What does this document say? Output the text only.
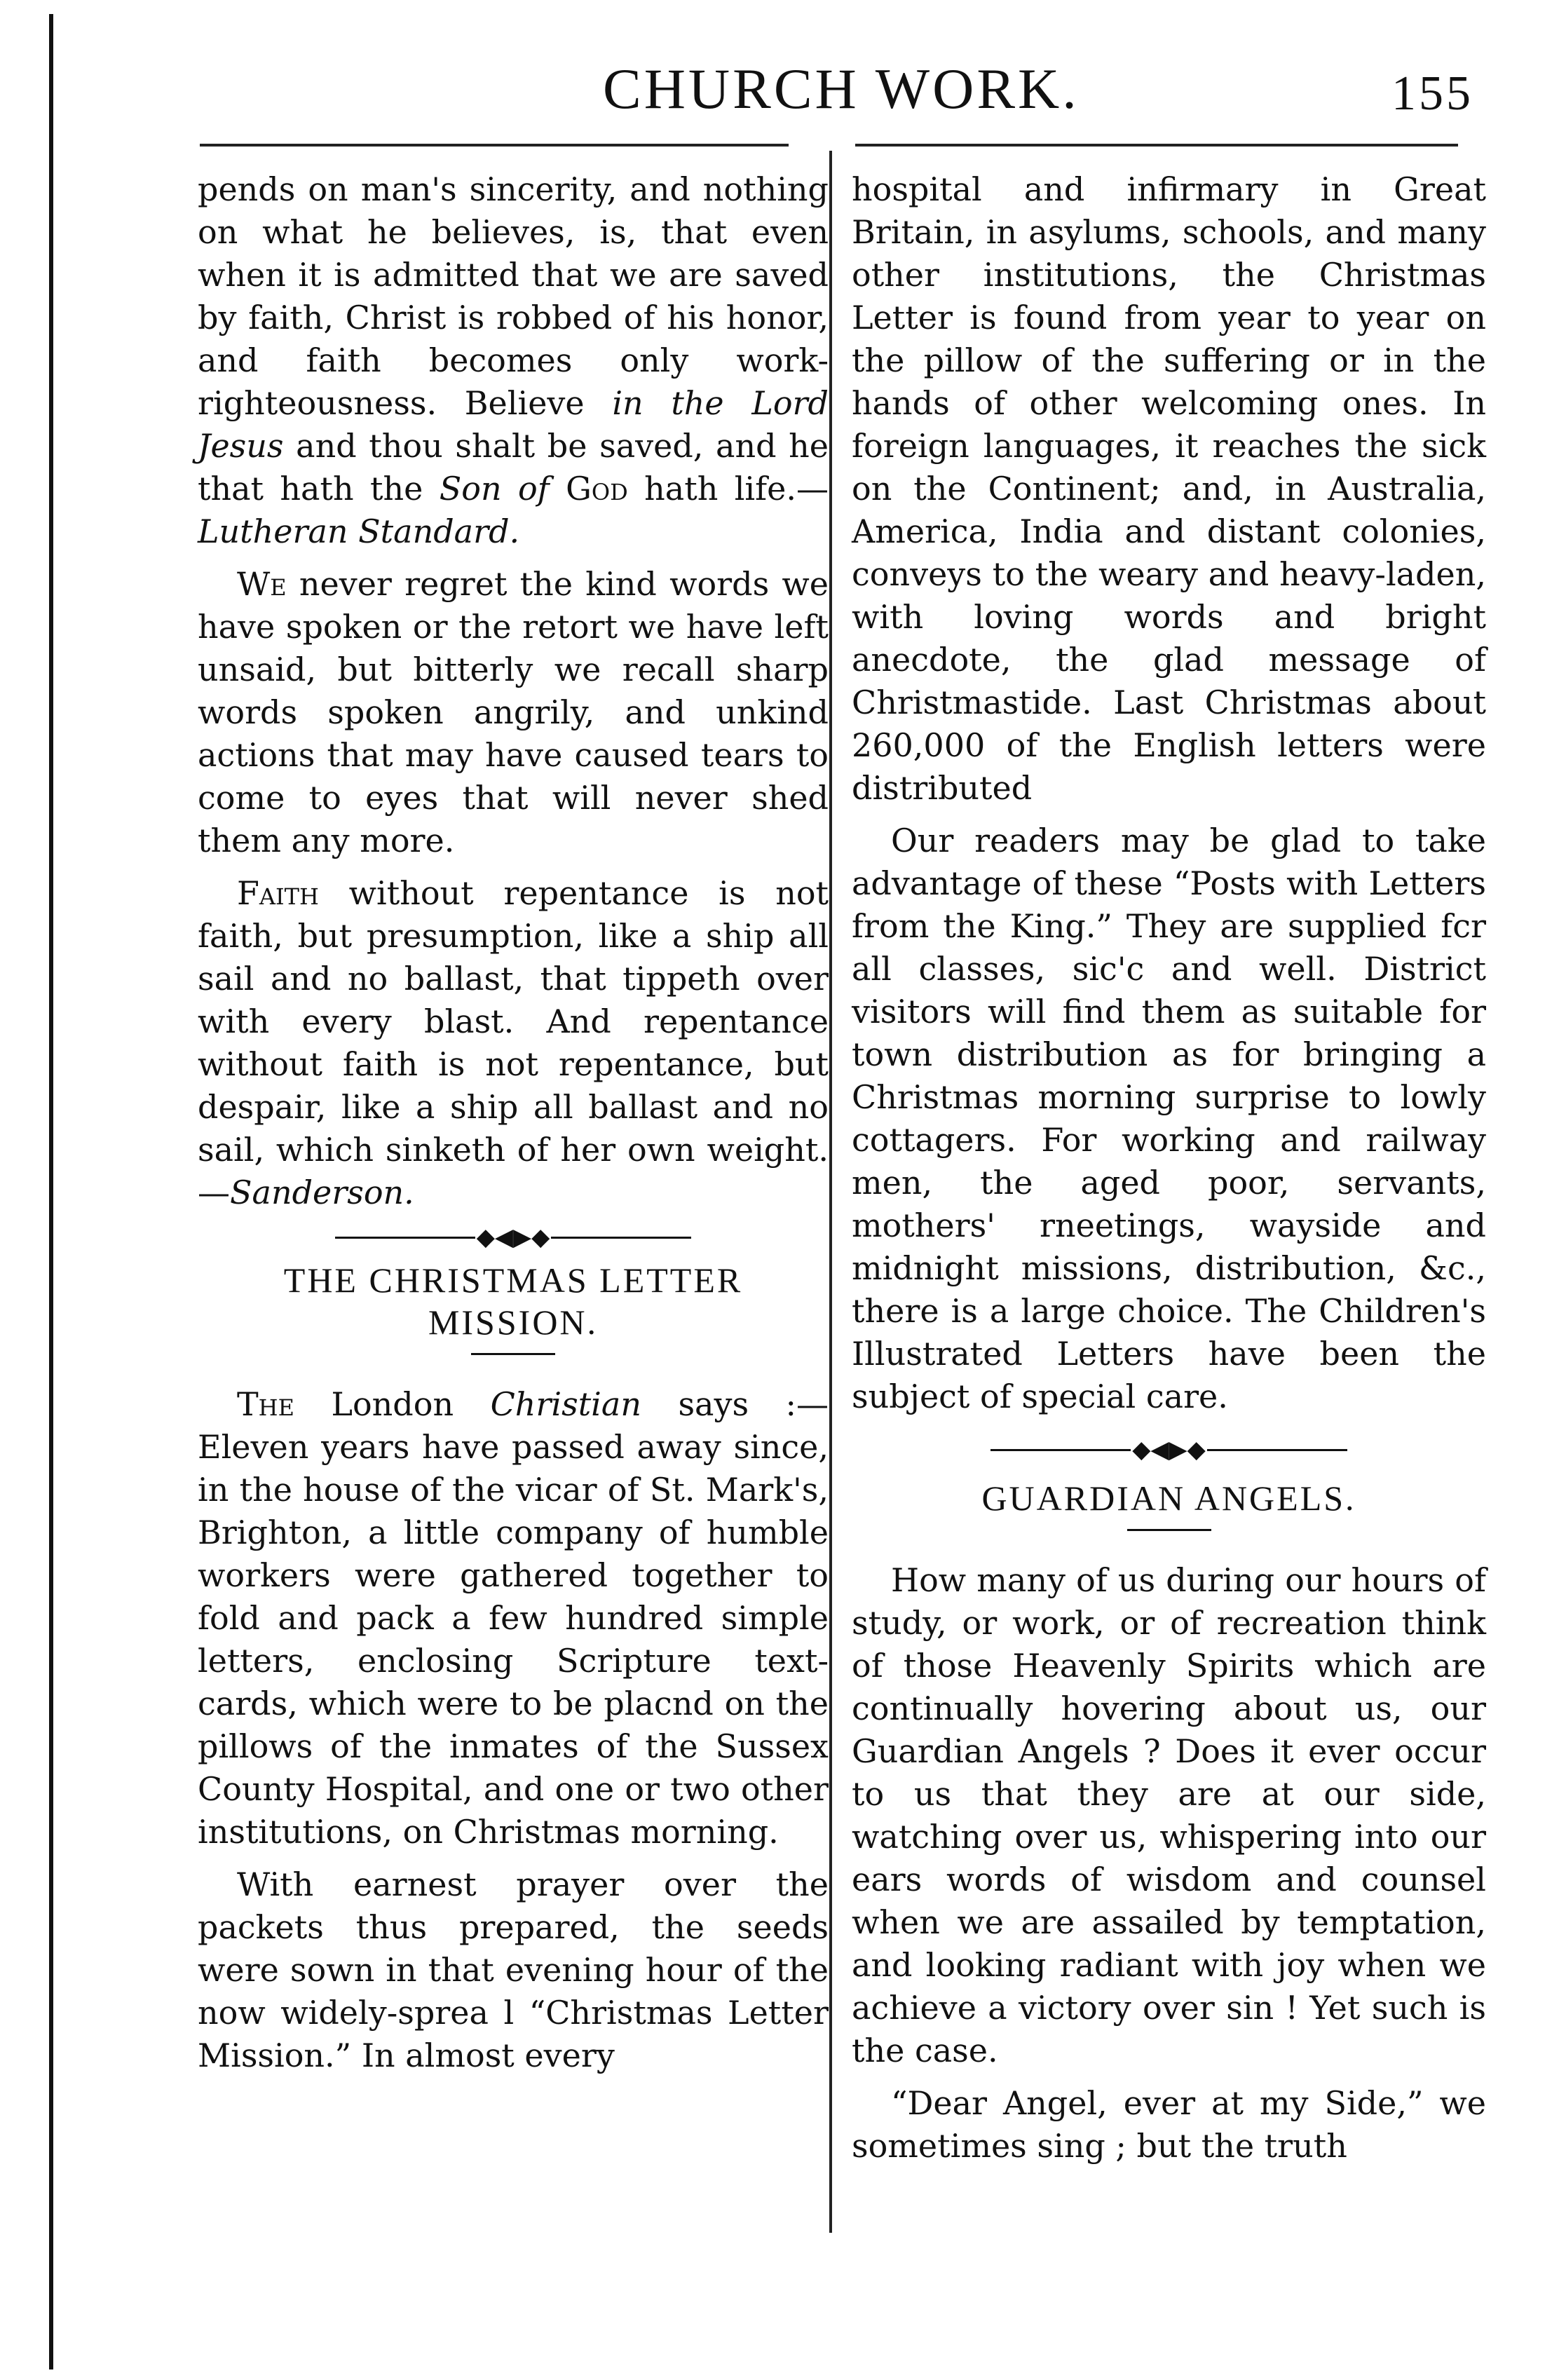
CHURCH WORK.	155

pends on man's sincerity, and nothing on what he believes, is, that even when it is admitted that we are saved by faith, Christ is robbed of his honor, and faith becomes only work-righteousness. Believe in the Lord Jesus and thou shalt be saved, and he that hath the Son of God hath life.—Lutheran Standard.

We never regret the kind words we have spoken or the retort we have left unsaid, but bitterly we recall sharp words spoken angrily, and unkind actions that may have caused tears to come to eyes that will never shed them any more.

Faith without repentance is not faith, but presumption, like a ship all sail and no ballast, that tippeth over with every blast. And repentance without faith is not repentance, but despair, like a ship all ballast and no sail, which sinketh of her own weight.—Sanderson.

◆◀▶◆
THE CHRISTMAS LETTER MISSION.

The London Christian says :— Eleven years have passed away since, in the house of the vicar of St. Mark's, Brighton, a little company of humble workers were gathered together to fold and pack a few hundred simple letters, enclosing Scripture text-cards, which were to be placnd on the pillows of the inmates of the Sussex County Hospital, and one or two other institutions, on Christmas morning.

With earnest prayer over the packets thus prepared, the seeds were sown in that evening hour of the now widely-sprea l “Christmas Letter Mission.” In almost every

hospital and infirmary in Great Britain, in asylums, schools, and many other institutions, the Christmas Letter is found from year to year on the pillow of the suffering or in the hands of other welcoming ones. In foreign languages, it reaches the sick on the Continent; and, in Australia, America, India and distant colonies, conveys to the weary and heavy-laden, with loving words and bright anecdote, the glad message of Christmastide. Last Christmas about 260,000 of the English letters were distributed

Our readers may be glad to take advantage of these “Posts with Letters from the King.” They are supplied fcr all classes, sic'c and well. District visitors will find them as suitable for town distribution as for bringing a Christmas morning surprise to lowly cottagers. For working and railway men, the aged poor, servants, mothers' rneetings, wayside and midnight missions, distribution, &c., there is a large choice. The Children's Illustrated Letters have been the subject of special care.

◆◀▶◆
GUARDIAN ANGELS.

How many of us during our hours of study, or work, or of recreation think of those Heavenly Spirits which are continually hovering about us, our Guardian Angels ? Does it ever occur to us that they are at our side, watching over us, whispering into our ears words of wisdom and counsel when we are assailed by temptation, and looking radiant with joy when we achieve a victory over sin ! Yet such is the case.

“Dear Angel, ever at my Side,” we sometimes sing ; but the truth
